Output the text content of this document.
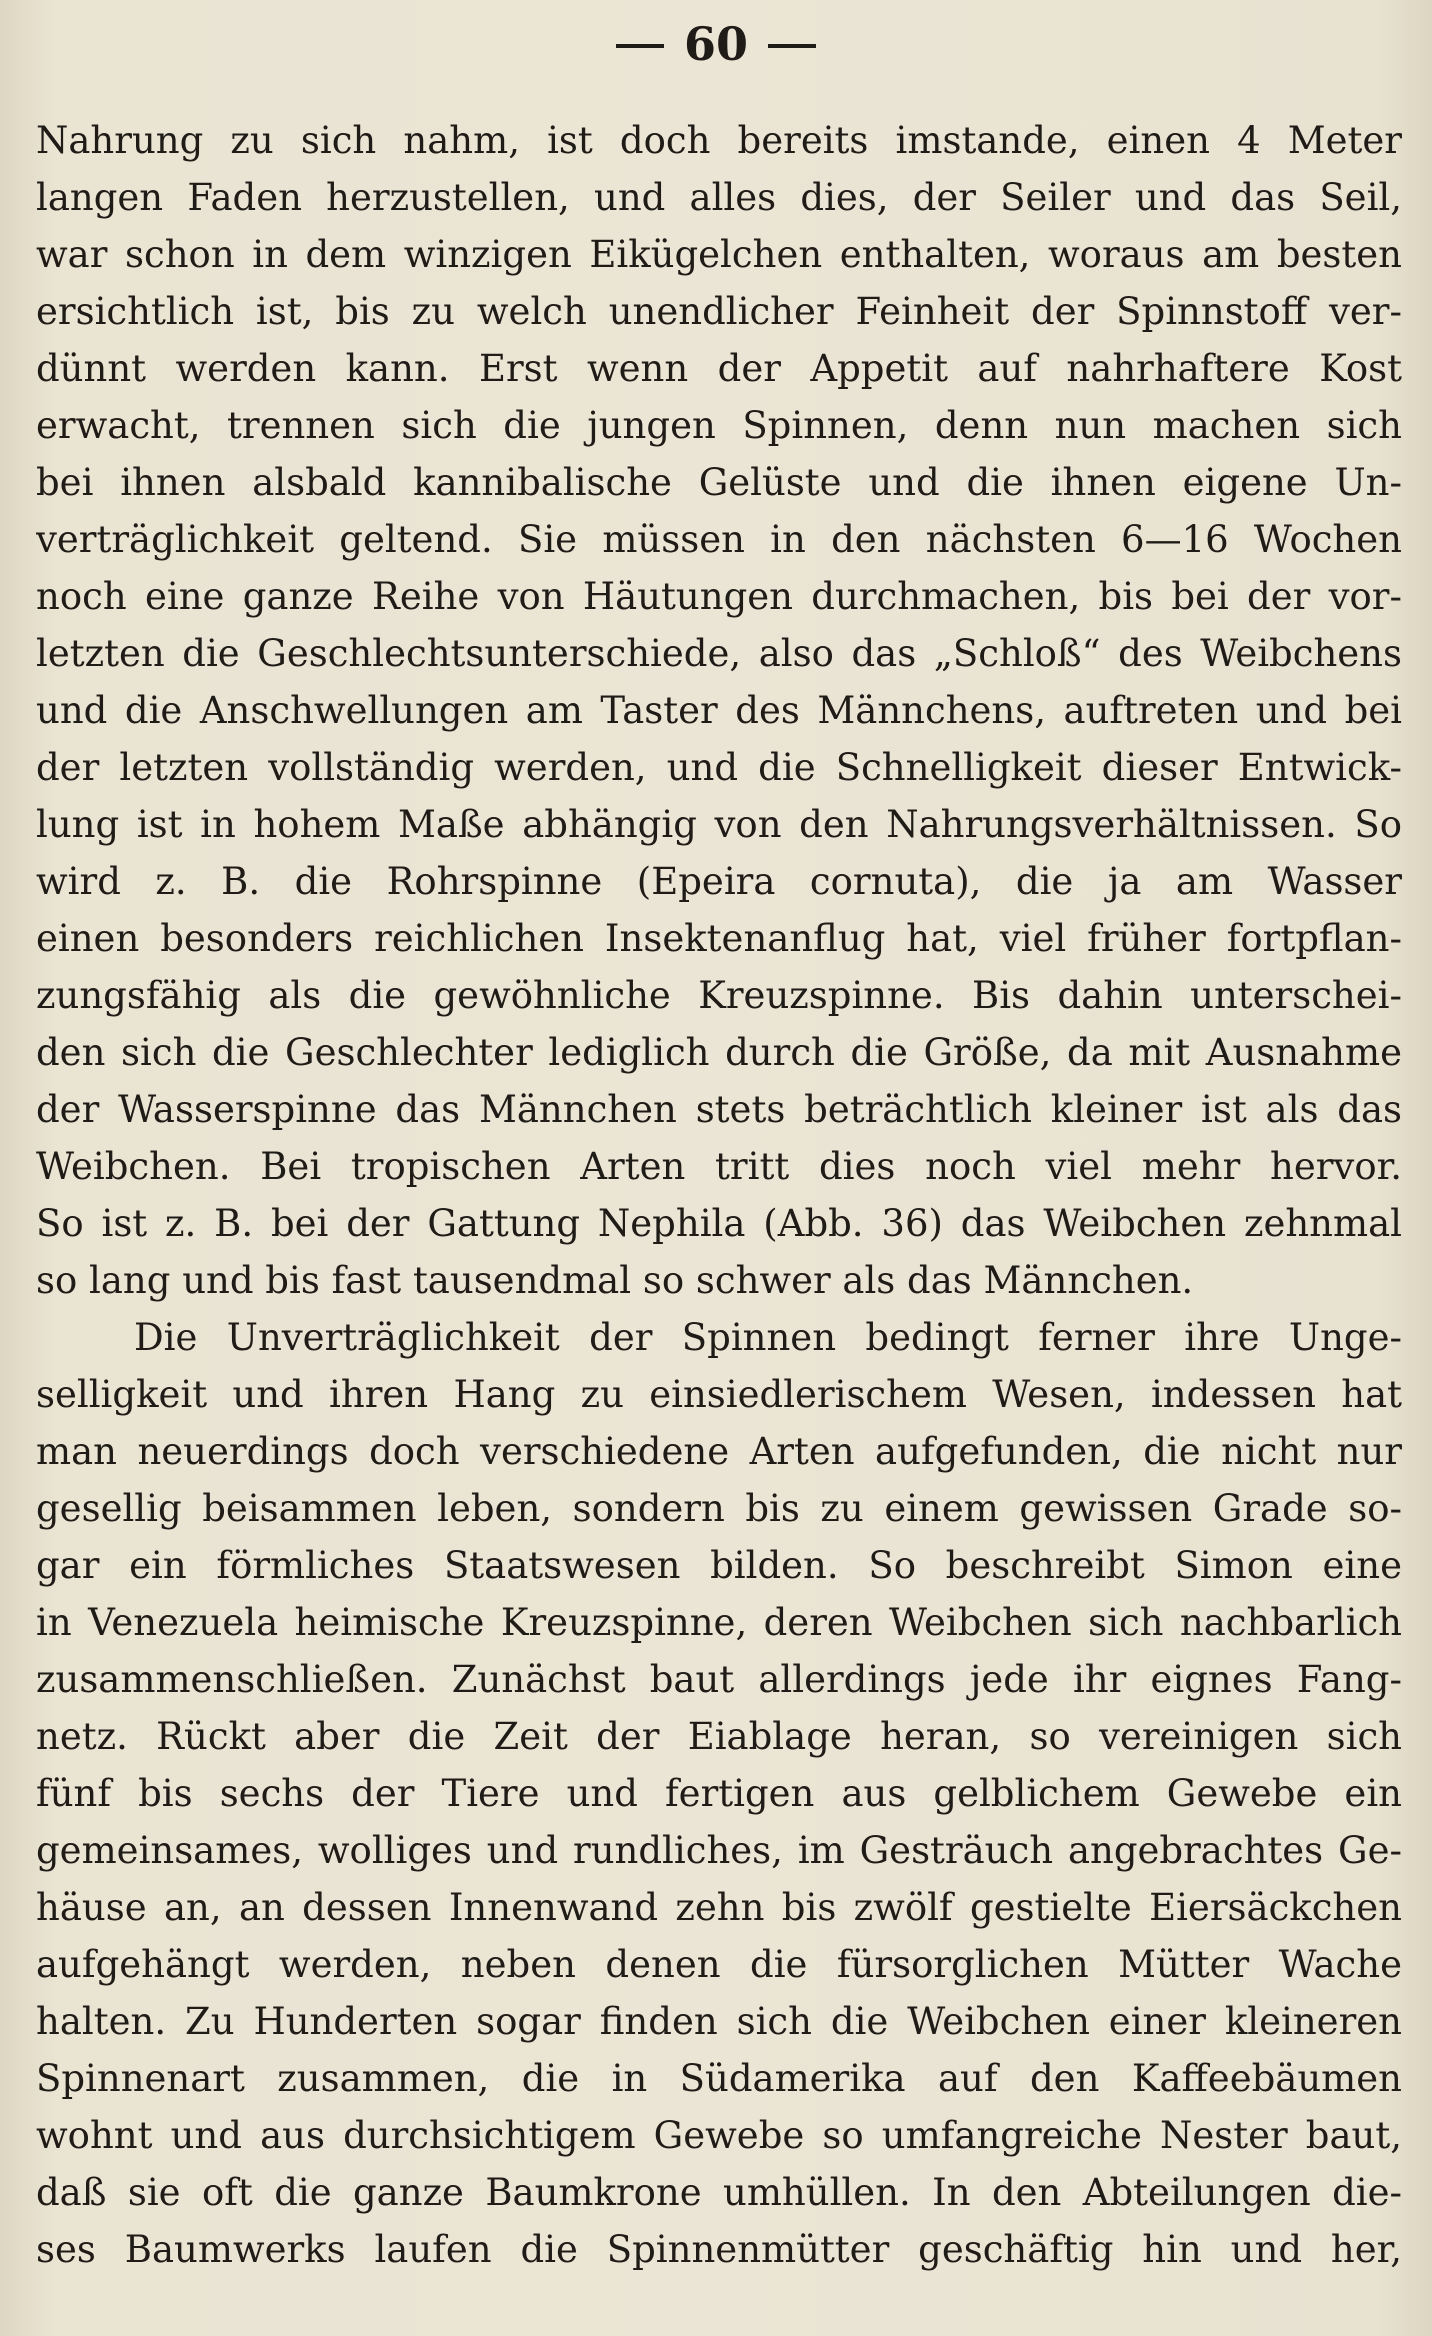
60
Nahrung zu sich nahm, ist doch bereits imstande, einen 4 Meter
langen Faden herzustellen, und alles dies, der Seiler und das Seil,
war schon in dem winzigen Eikügelchen enthalten, woraus am besten
ersichtlich ist, bis zu welch unendlicher Feinheit der Spinnstoff ver-
dünnt werden kann. Erst wenn der Appetit auf nahrhaftere Kost
erwacht, trennen sich die jungen Spinnen, denn nun machen sich
bei ihnen alsbald kannibalische Gelüste und die ihnen eigene Un-
verträglichkeit geltend. Sie müssen in den nächsten 6—16 Wochen
noch eine ganze Reihe von Häutungen durchmachen, bis bei der vor-
letzten die Geschlechtsunterschiede, also das „Schloß“ des Weibchens
und die Anschwellungen am Taster des Männchens, auftreten und bei
der letzten vollständig werden, und die Schnelligkeit dieser Entwick-
lung ist in hohem Maße abhängig von den Nahrungsverhältnissen. So
wird z. B. die Rohrspinne (Epeira cornuta), die ja am Wasser
einen besonders reichlichen Insektenanflug hat, viel früher fortpflan-
zungsfähig als die gewöhnliche Kreuzspinne. Bis dahin unterschei-
den sich die Geschlechter lediglich durch die Größe, da mit Ausnahme
der Wasserspinne das Männchen stets beträchtlich kleiner ist als das
Weibchen. Bei tropischen Arten tritt dies noch viel mehr hervor.
So ist z. B. bei der Gattung Nephila (Abb. 36) das Weibchen zehnmal
so lang und bis fast tausendmal so schwer als das Männchen.
Die Unverträglichkeit der Spinnen bedingt ferner ihre Unge-
selligkeit und ihren Hang zu einsiedlerischem Wesen, indessen hat
man neuerdings doch verschiedene Arten aufgefunden, die nicht nur
gesellig beisammen leben, sondern bis zu einem gewissen Grade so-
gar ein förmliches Staatswesen bilden. So beschreibt Simon eine
in Venezuela heimische Kreuzspinne, deren Weibchen sich nachbarlich
zusammenschließen. Zunächst baut allerdings jede ihr eignes Fang-
netz. Rückt aber die Zeit der Eiablage heran, so vereinigen sich
fünf bis sechs der Tiere und fertigen aus gelblichem Gewebe ein
gemeinsames, wolliges und rundliches, im Gesträuch angebrachtes Ge-
häuse an, an dessen Innenwand zehn bis zwölf gestielte Eiersäckchen
aufgehängt werden, neben denen die fürsorglichen Mütter Wache
halten. Zu Hunderten sogar finden sich die Weibchen einer kleineren
Spinnenart zusammen, die in Südamerika auf den Kaffeebäumen
wohnt und aus durchsichtigem Gewebe so umfangreiche Nester baut,
daß sie oft die ganze Baumkrone umhüllen. In den Abteilungen die-
ses Baumwerks laufen die Spinnenmütter geschäftig hin und her,
